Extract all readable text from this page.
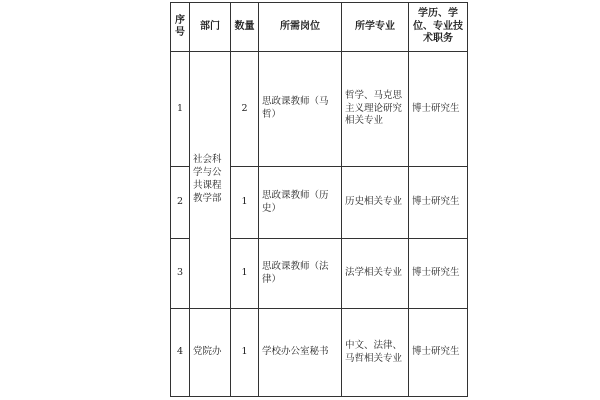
序号	部门	数量	所需岗位	所学专业	学历、学位、专业技术职务
1	社会科学与公共课程教学部	2	思政课教师（马哲）	哲学、马克思主义理论研究相关专业	博士研究生
2		1	思政课教师（历史）	历史相关专业	博士研究生
3		1	思政课教师（法律）	法学相关专业	博士研究生
4	党院办	1	学校办公室秘书	中文、法律、马哲相关专业	博士研究生
